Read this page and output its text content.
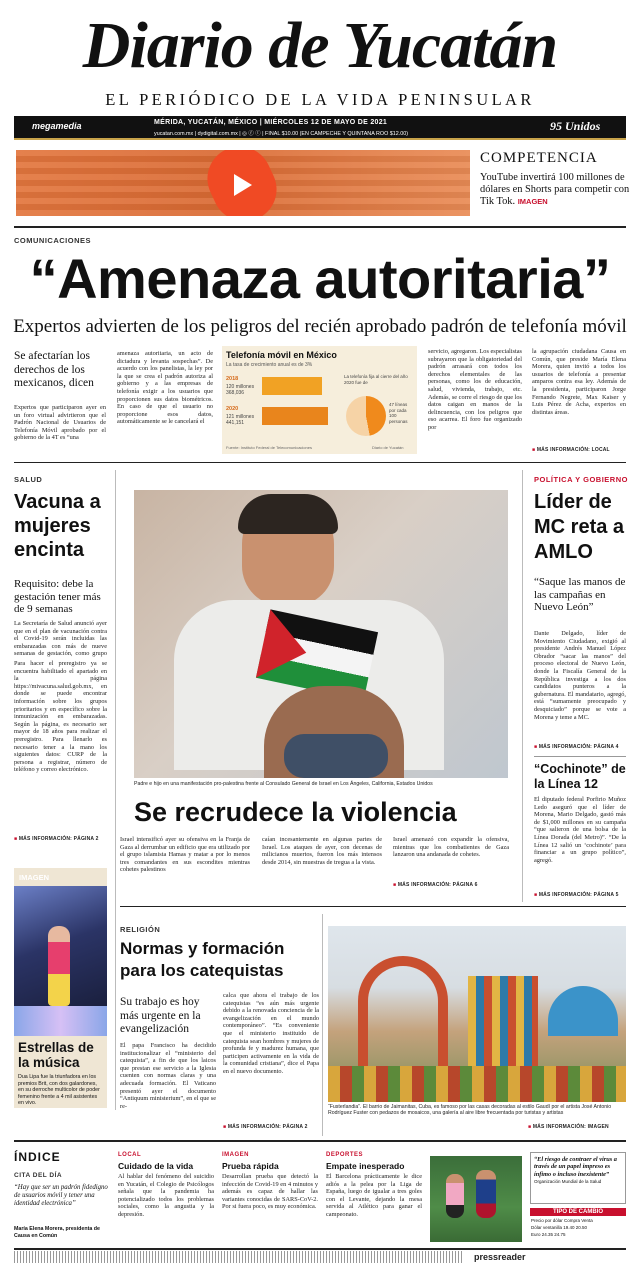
Diario de Yucatán
EL PERIÓDICO DE LA VIDA PENINSULAR
megamedia	MÉRIDA, YUCATÁN, MÉXICO | MIÉRCOLES 12 DE MAYO DE 2021
yucatan.com.mx | dydigital.com.mx | ◎ ⓕ ⓣ | FINAL $10.00 (EN CAMPECHE Y QUINTANA ROO $12.00)
95 Unidos
COMPETENCIA
YouTube invertirá 100 millones de dólares en Shorts para competir con Tik Tok. IMAGEN
COMUNICACIONES
“Amenaza autoritaria”
Expertos advierten de los peligros del recién aprobado padrón de telefonía móvil
Se afectarían los derechos de los mexicanos, dicen
Expertos que participaron ayer en un foro virtual advirtieron que el Padrón Nacional de Usuarios de Telefonía Móvil aprobado por el gobierno de la 4T es “una
amenaza autoritaria, un acto de dictadura y levanta sospechas”. De acuerdo con los panelistas, la ley por la que se crea el padrón autoriza al gobierno y a las empresas de telefonía exigir a los usuarios que proporcionen sus datos biométricos. En caso de que el usuario no proporcione esos datos, automáticamente se le cancelará el
Telefonía móvil en México
La tasa de crecimiento anual es de 3%
2018
120 millones 368,036
2020
121 millones 441,151
La telefonía fija al cierre del año 2020 fue de
47 líneas por cada 100 personas
Fuente: Instituto Federal de Telecomunicaciones	Diario de Yucatán
servicio, agregaron. Los especialistas subrayaron que la obligatoriedad del padrón arrasará con todos los derechos elementales de las personas, como los de educación, salud, vivienda, trabajo, etc. Además, se corre el riesgo de que los datos caigan en manos de la delincuencia, con los peligros que eso acarrea. El foro fue organizado por
la agrupación ciudadana Causa en Común, que preside María Elena Morera, quien invitó a todos los usuarios de telefonía a presentar amparos contra esa ley. Además de la presidenta, participaron Jorge Fernando Negrete, Max Kaiser y Luis Pérez de Acha, expertos en distintas áreas.
■ MÁS INFORMACIÓN: LOCAL
SALUD
Vacuna a mujeres encinta
Requisito: debe la gestación tener más de 9 semanas
La Secretaría de Salud anunció ayer que en el plan de vacunación contra el Covid-19 serán incluidas las embarazadas con más de nueve semanas de gestación, como grupo
Para hacer el preregistro ya se encuentra habilitado el apartado en la página https://mivacuna.salud.gob.mx, en donde se puede encontrar información sobre los grupos prioritarios y en específico sobre la inmunización en embarazadas. Según la página, es necesario ser mayor de 18 años para realizar el preregistro. Para llenarlo es necesario tener a la mano los siguientes datos: CURP de la persona a registrar, número de teléfono y correo electrónico.
■ MÁS INFORMACIÓN: PÁGINA 2
IMAGEN
Estrellas de la música
Dua Lipa fue la triunfadora en los premios Brit, con dos galardones, en su derroche multicolor de poder femenino frente a 4 mil asistentes en vivo.
Padre e hijo en una manifestación pro-palestina frente al Consulado General de Israel en Los Ángeles, California, Estados Unidos
Se recrudece la violencia
Israel intensificó ayer su ofensiva en la Franja de Gaza al derrumbar un edificio que era utilizado por el grupo islamista Hamas y matar a por lo menos tres comandantes en sus escondites mientras cohetes palestinos
caían incesantemente en algunas partes de Israel. Los ataques de ayer, con decenas de milicianos muertos, fueron los más intensos desde 2014, sin muestras de tregua a la vista.
Israel amenazó con expandir la ofensiva, mientras que los combatientes de Gaza lanzaron una andanada de cohetes.
■ MÁS INFORMACIÓN: PÁGINA 6
POLÍTICA Y GOBIERNO
Líder de MC reta a AMLO
“Saque las manos de las campañas en Nuevo León”
Dante Delgado, líder de Movimiento Ciudadano, exigió al presidente Andrés Manuel López Obrador “sacar las manos” del proceso electoral de Nuevo León, donde la Fiscalía General de la República investiga a los dos candidatos punteros a la gubernatura. El mandatario, agregó, está “sumamente preocupado y desquiciado” porque se vote a Morena y teme a MC.
■ MÁS INFORMACIÓN: PÁGINA 4
“Cochinote” de la Línea 12
El diputado federal Porfirio Muñoz Ledo aseguró que el líder de Morena, Mario Delgado, gastó más de $1,000 millones en su campaña “que salieron de una bolsa de la Línea Dorada (del Metro)”. “De la Línea 12 salió un ‘cochinote’ para financiar a un grupo político”, agregó.
■ MÁS INFORMACIÓN: PÁGINA 5
RELIGIÓN
Normas y formación para los catequistas
Su trabajo es hoy más urgente en la evangelización
El papa Francisco ha decidido institucionalizar el “ministerio del catequista”, a fin de que los laicos que prestan ese servicio a la Iglesia cuenten con normas claras y una adecuada formación. El Vaticano presentó ayer el documento “Antiquum ministerium”, en el que se re-
calca que ahora el trabajo de los catequistas “es aún más urgente debido a la renovada conciencia de la evangelización en el mundo contemporáneo”. “Es conveniente que el ministerio instituido de catequista sean hombres y mujeres de profunda fe y madurez humana, que participen activamente en la vida de la comunidad cristiana”, dice el Papa en el nuevo documento.
■ MÁS INFORMACIÓN: PÁGINA 2
“Fusterlandia”. El barrio de Jaimanitas, Cuba, es famoso por las casas decoradas al estilo Gaudí por el artista José Antonio Rodríguez Fuster con pedazos de mosaicos, una galería al aire libre frecuentada por turistas y artistas
■ MÁS INFORMACIÓN: IMAGEN
ÍNDICE
CITA DEL DÍA
“Hay que ser un padrón fidedigno de usuarios móvil y tener una identidad electrónica”
María Elena Morera, presidenta de Causa en Común
LOCAL
Cuidado de la vida
Al hablar del fenómeno del suicidio en Yucatán, el Colegio de Psicólogos señala que la pandemia ha potencializado todos los problemas sociales, como la angustia y la depresión.
IMAGEN
Prueba rápida
Desarrollan prueba que detectó la infección de Covid-19 en 4 minutos y además es capaz de hallar las variantes conocidas de SARS-CoV-2. Por si fuera poco, es muy económica.
DEPORTES
Empate inesperado
El Barcelona prácticamente le dice adiós a la pelea por la Liga de España, luego de igualar a tres goles con el Levante, dejando la mesa servida al Atlético para ganar el campeonato.
“El riesgo de contraer el virus a través de un papel impreso es ínfimo o incluso inexistente”
Organización Mundial de la Salud
TIPO DE CAMBIO
Precio por dólar Compra Venta
Dólar ventanilla 19.40 20.50
Euro 24.35 24.75
pressreader
